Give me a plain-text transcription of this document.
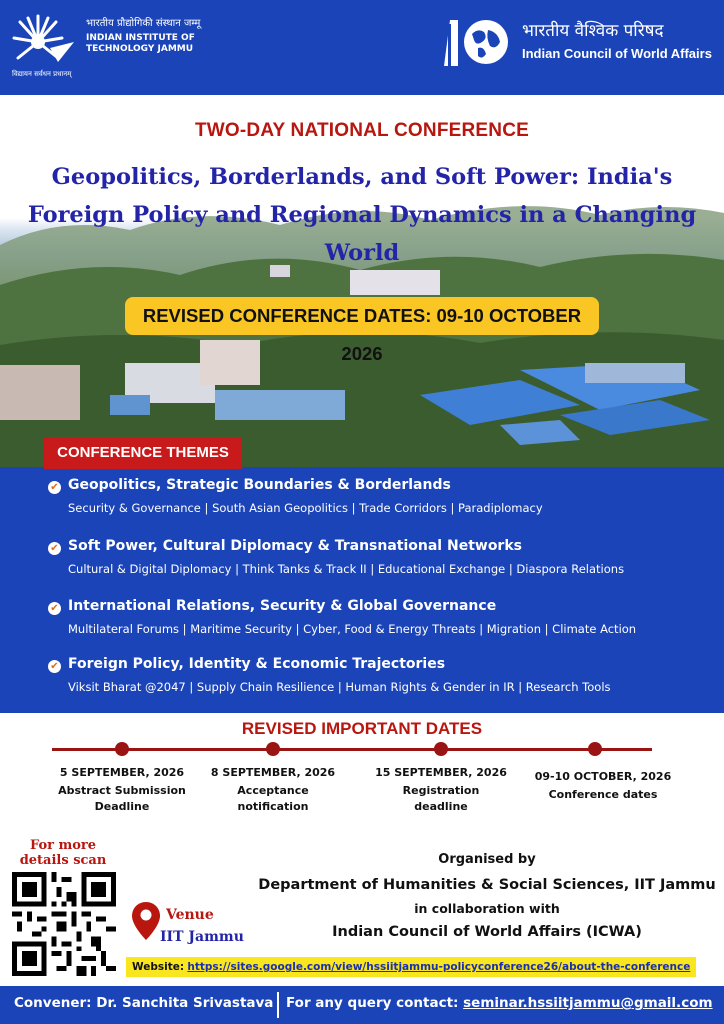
भारतीय प्रौद्योगिकी संस्थान जम्मू
INDIAN INSTITUTE OF
TECHNOLOGY JAMMU
विद्यायन सर्वधन प्रधानम्
भारतीय वैश्विक परिषद
Indian Council of World Affairs
TWO-DAY NATIONAL CONFERENCE
Geopolitics, Borderlands, and Soft Power: India's
Foreign Policy and Regional Dynamics in a Changing
World
REVISED CONFERENCE DATES: 09-10 OCTOBER 2026
CONFERENCE THEMES
✔ Geopolitics, Strategic Boundaries & Borderlands
Security & Governance | South Asian Geopolitics | Trade Corridors | Paradiplomacy
✔ Soft Power, Cultural Diplomacy & Transnational Networks
Cultural & Digital Diplomacy | Think Tanks & Track II | Educational Exchange | Diaspora Relations
✔ International Relations, Security & Global Governance
Multilateral Forums | Maritime Security | Cyber, Food & Energy Threats | Migration | Climate Action
✔ Foreign Policy, Identity & Economic Trajectories
Viksit Bharat @2047 | Supply Chain Resilience | Human Rights & Gender in IR | Research Tools
REVISED IMPORTANT DATES
5 SEPTEMBER, 2026
Abstract Submission
Deadline
8 SEPTEMBER, 2026
Acceptance
notification
15 SEPTEMBER, 2026
Registration
deadline
09-10 OCTOBER, 2026
Conference dates
For more
details scan
Venue
IIT Jammu
Organised by
Department of Humanities & Social Sciences, IIT Jammu
in collaboration with
Indian Council of World Affairs (ICWA)
Website: https://sites.google.com/view/hssiitjammu-policyconference26/about-the-conference
Convener: Dr. Sanchita Srivastava For any query contact: seminar.hssiitjammu@gmail.com
